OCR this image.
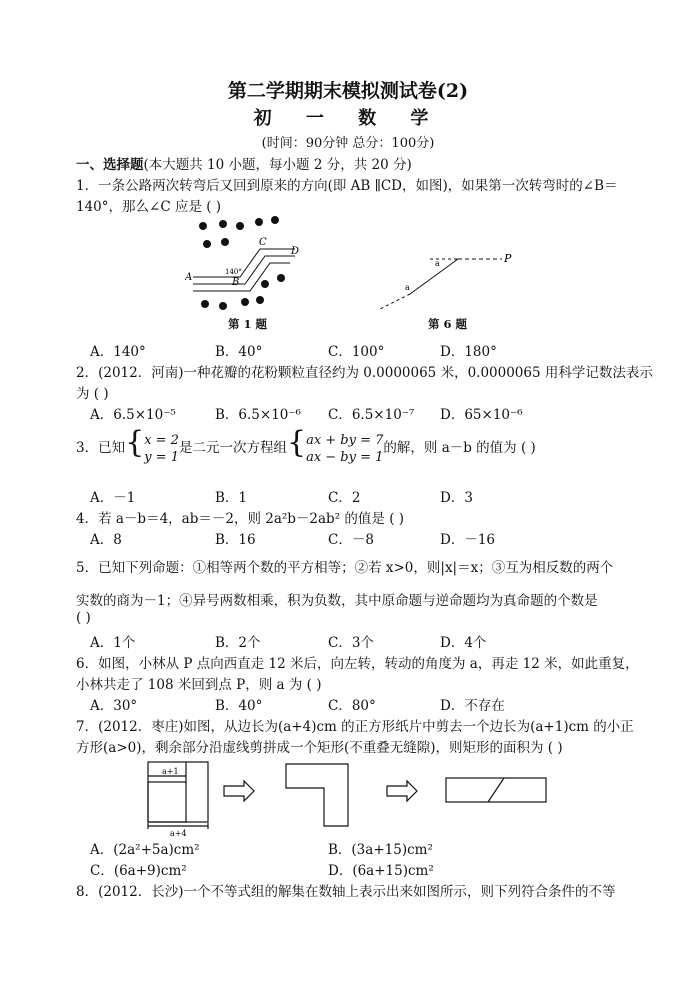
第二学期期末模拟测试卷(2)
初 一 数 学
(时间：90分钟 总分：100分)
一、选择题(本大题共 10 小题，每小题 2 分，共 20 分)
1．一条公路两次转弯后又回到原来的方向(即 AB ∥CD，如图)，如果第一次转弯时的∠B＝
140°，那么∠C 应是 ( )
A	B
C
D
140°
第 1 题
P
a
a
第 6 题
A．140°	B．40°	C．100°	D．180°
2．(2012．河南)一种花瓣的花粉颗粒直径约为 0.0000065 米，0.0000065 用科学记数法表示
为 ( )
A．6.5×10⁻⁵	B．6.5×10⁻⁶ C．6.5×10⁻⁷ D．65×10⁻⁶
3．已知{x = 2
y = 1是二元一次方程组{ax + by = 7
ax − by = 1的解，则 a－b 的值为 ( )
A．－1	B．1	C．2	D．3
4．若 a－b＝4，ab＝－2，则 2a²b－2ab² 的值是 ( )
A．8	B．16	C．－8	D．－16
5．已知下列命题：①相等两个数的平方相等；②若 x>0，则|x|＝x；③互为相反数的两个
实数的商为－1；④异号两数相乘，积为负数，其中原命题与逆命题均为真命题的个数是
( )
A．1个	B．2个	C．3个	D．4个
6．如图，小林从 P 点向西直走 12 米后，向左转，转动的角度为 a，再走 12 米，如此重复，
小林共走了 108 米回到点 P，则 a 为 ( )
A．30°	B．40°	C．80°	D．不存在
7．(2012．枣庄)如图，从边长为(a+4)cm 的正方形纸片中剪去一个边长为(a+1)cm 的小正
方形(a>0)，剩余部分沿虚线剪拼成一个矩形(不重叠无缝隙)，则矩形的面积为 ( )
a+1
a+4
A．(2a²+5a)cm²	B．(3a+15)cm²
C．(6a+9)cm²	D．(6a+15)cm²
8．(2012．长沙)一个不等式组的解集在数轴上表示出来如图所示，则下列符合条件的不等
